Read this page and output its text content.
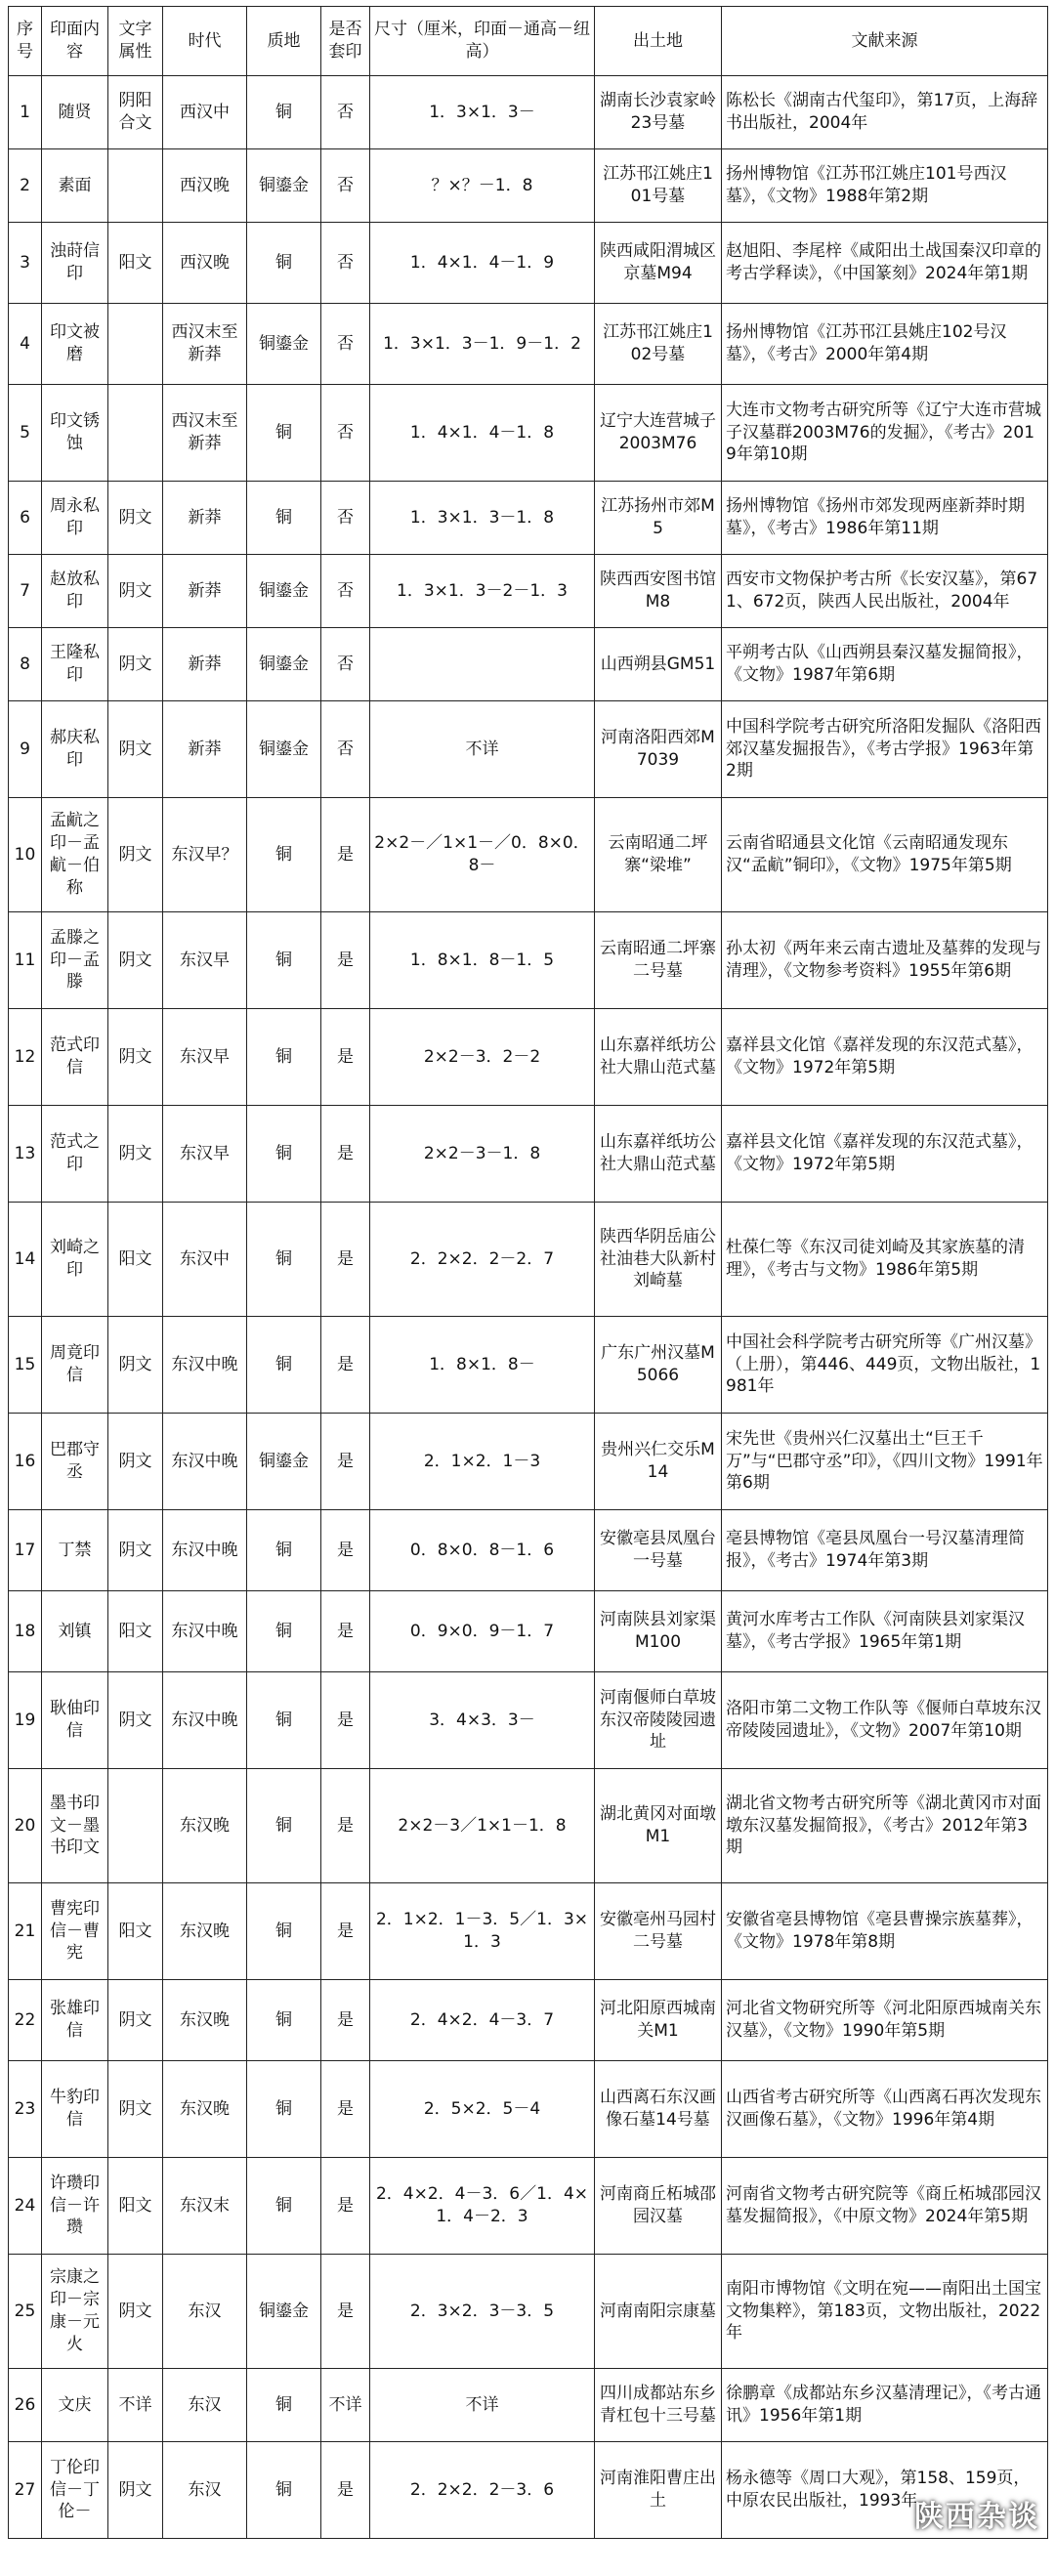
序号	印面内容	文字属性	时代	质地	是否套印	尺寸（厘米，印面－通高－纽高）	出土地	文献来源
1	随贤	阴阳合文	西汉中	铜	否	1．3×1．3－	湖南长沙袁家岭23号墓	陈松长《湖南古代玺印》，第17页，上海辞书出版社，2004年
2	素面		西汉晚	铜鎏金	否	？×？－1．8	江苏邗江姚庄101号墓	扬州博物馆《江苏邗江姚庄101号西汉墓》，《文物》1988年第2期
3	浊莳信印	阳文	西汉晚	铜	否	1．4×1．4－1．9	陕西咸阳渭城区京墓M94	赵旭阳、李尾梓《咸阳出土战国秦汉印章的考古学释读》，《中国篆刻》2024年第1期
4	印文被磨		西汉末至新莽	铜鎏金	否	1．3×1．3－1．9－1．2	江苏邗江姚庄102号墓	扬州博物馆《江苏邗江县姚庄102号汉墓》，《考古》2000年第4期
5	印文锈蚀		西汉末至新莽	铜	否	1．4×1．4－1．8	辽宁大连营城子2003M76	大连市文物考古研究所等《辽宁大连市营城子汉墓群2003M76的发掘》，《考古》2019年第10期
6	周永私印	阴文	新莽	铜	否	1．3×1．3－1．8	江苏扬州市郊M5	扬州博物馆《扬州市郊发现两座新莽时期墓》，《考古》1986年第11期
7	赵放私印	阴文	新莽	铜鎏金	否	1．3×1．3－2－1．3	陕西西安图书馆M8	西安市文物保护考古所《长安汉墓》，第671、672页，陕西人民出版社，2004年
8	王隆私印	阴文	新莽	铜鎏金	否		山西朔县GM51	平朔考古队《山西朔县秦汉墓发掘简报》，《文物》1987年第6期
9	郝庆私印	阴文	新莽	铜鎏金	否	不详	河南洛阳西郊M7039	中国科学院考古研究所洛阳发掘队《洛阳西郊汉墓发掘报告》，《考古学报》1963年第2期
10	孟䴚之印－孟䴚－伯称	阴文	东汉早？	铜	是	2×2－／1×1－／0．8×0．8－	云南昭通二坪寨“梁堆”	云南省昭通县文化馆《云南昭通发现东汉“孟䴚”铜印》，《文物》1975年第5期
11	孟滕之印－孟滕	阴文	东汉早	铜	是	1．8×1．8－1．5	云南昭通二坪寨二号墓	孙太初《两年来云南古遗址及墓葬的发现与清理》，《文物参考资料》1955年第6期
12	范式印信	阴文	东汉早	铜	是	2×2－3．2－2	山东嘉祥纸坊公社大鼎山范式墓	嘉祥县文化馆《嘉祥发现的东汉范式墓》，《文物》1972年第5期
13	范式之印	阴文	东汉早	铜	是	2×2－3－1．8	山东嘉祥纸坊公社大鼎山范式墓	嘉祥县文化馆《嘉祥发现的东汉范式墓》，《文物》1972年第5期
14	刘崎之印	阳文	东汉中	铜	是	2．2×2．2－2．7	陕西华阴岳庙公社油巷大队新村刘崎墓	杜葆仁等《东汉司徒刘崎及其家族墓的清理》，《考古与文物》1986年第5期
15	周竟印信	阴文	东汉中晚	铜	是	1．8×1．8－	广东广州汉墓M5066	中国社会科学院考古研究所等《广州汉墓》（上册），第446、449页，文物出版社，1981年
16	巴郡守丞	阴文	东汉中晚	铜鎏金	是	2．1×2．1－3	贵州兴仁交乐M14	宋先世《贵州兴仁汉墓出土“巨王千万”与“巴郡守丞”印》，《四川文物》1991年第6期
17	丁禁	阴文	东汉中晚	铜	是	0．8×0．8－1．6	安徽亳县凤凰台一号墓	亳县博物馆《亳县凤凰台一号汉墓清理简报》，《考古》1974年第3期
18	刘镇	阳文	东汉中晚	铜	是	0．9×0．9－1．7	河南陕县刘家渠M100	黄河水库考古工作队《河南陕县刘家渠汉墓》，《考古学报》1965年第1期
19	耿伷印信	阴文	东汉中晚	铜	是	3．4×3．3－	河南偃师白草坡东汉帝陵陵园遗址	洛阳市第二文物工作队等《偃师白草坡东汉帝陵陵园遗址》，《文物》2007年第10期
20	墨书印文－墨书印文		东汉晚	铜	是	2×2－3／1×1－1．8	湖北黄冈对面墩M1	湖北省文物考古研究所等《湖北黄冈市对面墩东汉墓发掘简报》，《考古》2012年第3期
21	曹宪印信－曹宪	阳文	东汉晚	铜	是	2．1×2．1－3．5／1．3×1．3	安徽亳州马园村二号墓	安徽省亳县博物馆《亳县曹操宗族墓葬》，《文物》1978年第8期
22	张雄印信	阴文	东汉晚	铜	是	2．4×2．4－3．7	河北阳原西城南关M1	河北省文物研究所等《河北阳原西城南关东汉墓》，《文物》1990年第5期
23	牛豹印信	阴文	东汉晚	铜	是	2．5×2．5－4	山西离石东汉画像石墓14号墓	山西省考古研究所等《山西离石再次发现东汉画像石墓》，《文物》1996年第4期
24	许瓒印信－许瓒	阳文	东汉末	铜	是	2．4×2．4－3．6／1．4×1．4－2．3	河南商丘柘城邵园汉墓	河南省文物考古研究院等《商丘柘城邵园汉墓发掘简报》，《中原文物》2024年第5期
25	宗康之印－宗康－元火	阴文	东汉	铜鎏金	是	2．3×2．3－3．5	河南南阳宗康墓	南阳市博物馆《文明在宛——南阳出土国宝文物集粹》，第183页，文物出版社，2022年
26	文庆	不详	东汉	铜	不详	不详	四川成都站东乡青杠包十三号墓	徐鹏章《成都站东乡汉墓清理记》，《考古通讯》1956年第1期
27	丁伦印信－丁伦－	阴文	东汉	铜	是	2．2×2．2－3．6	河南淮阳曹庄出土	杨永德等《周口大观》，第158、159页，中原农民出版社，1993年
陕西杂谈
